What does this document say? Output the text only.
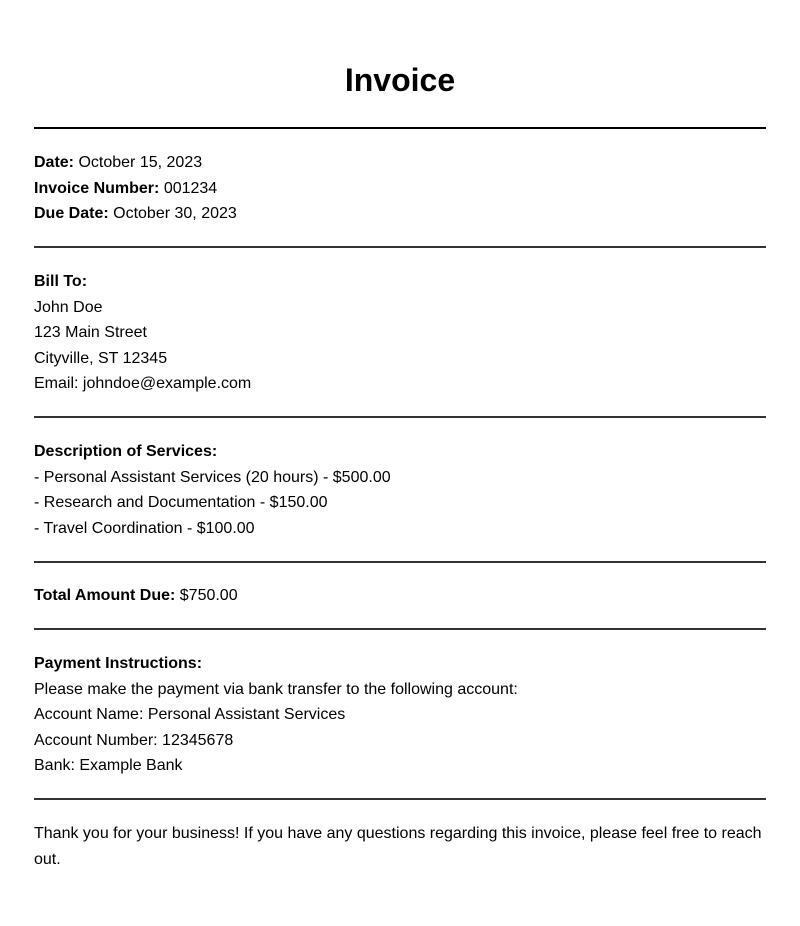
Invoice
Date: October 15, 2023
Invoice Number: 001234
Due Date: October 30, 2023
Bill To:
John Doe
123 Main Street
Cityville, ST 12345
Email: johndoe@example.com
Description of Services:
- Personal Assistant Services (20 hours) - $500.00
- Research and Documentation - $150.00
- Travel Coordination - $100.00
Total Amount Due: $750.00
Payment Instructions:
Please make the payment via bank transfer to the following account:
Account Name: Personal Assistant Services
Account Number: 12345678
Bank: Example Bank
Thank you for your business! If you have any questions regarding this invoice, please feel free to reach out.
